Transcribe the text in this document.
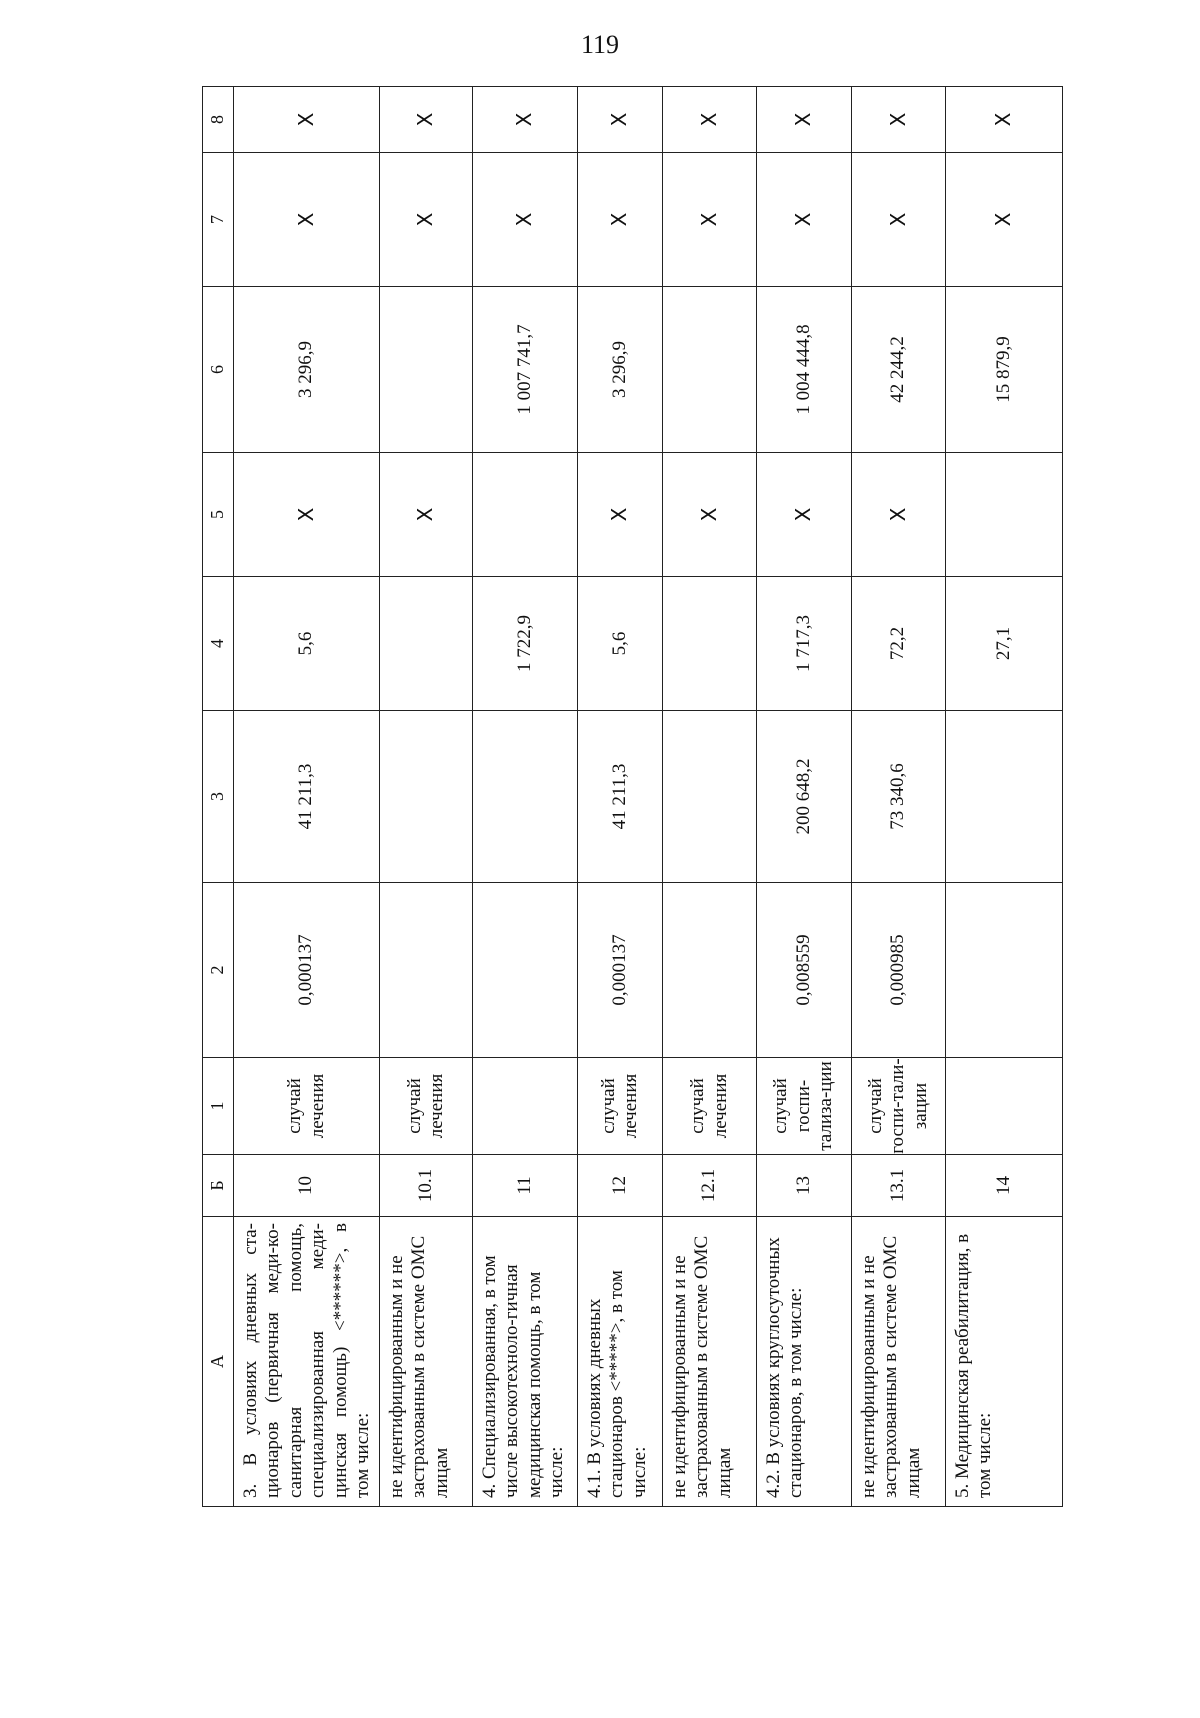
119
А	Б	1	2	3	4	5	6	7	8
3. В условиях дневных ста-ционаров (первичная меди-ко-санитарная помощь, специализированная меди-цинская помощь) <******>, в том числе:	10	случай лечения	0,000137	41 211,3	5,6	X	3 296,9	X	X
не идентифицированным и не застрахованным в системе ОМС лицам	10.1	случай лечения				X		X	X
4. Специализированная, в том числе высокотехноло-гичная медицинская помощь, в том числе:	11				1 722,9		1 007 741,7	X	X
4.1. В условиях дневных стационаров <*****>, в том числе:	12	случай лечения	0,000137	41 211,3	5,6	X	3 296,9	X	X
не идентифицированным и не застрахованным в системе ОМС лицам	12.1	случай лечения				X		X	X
4.2. В условиях круглосуточных стационаров, в том числе:	13	случай госпи-тализа-ции	0,008559	200 648,2	1 717,3	X	1 004 444,8	X	X
не идентифицированным и не застрахованным в системе ОМС лицам	13.1	случай госпи-тали-зации	0,000985	73 340,6	72,2	X	42 244,2	X	X
5. Медицинская реабилитация, в том числе:	14				27,1		15 879,9	X	X
